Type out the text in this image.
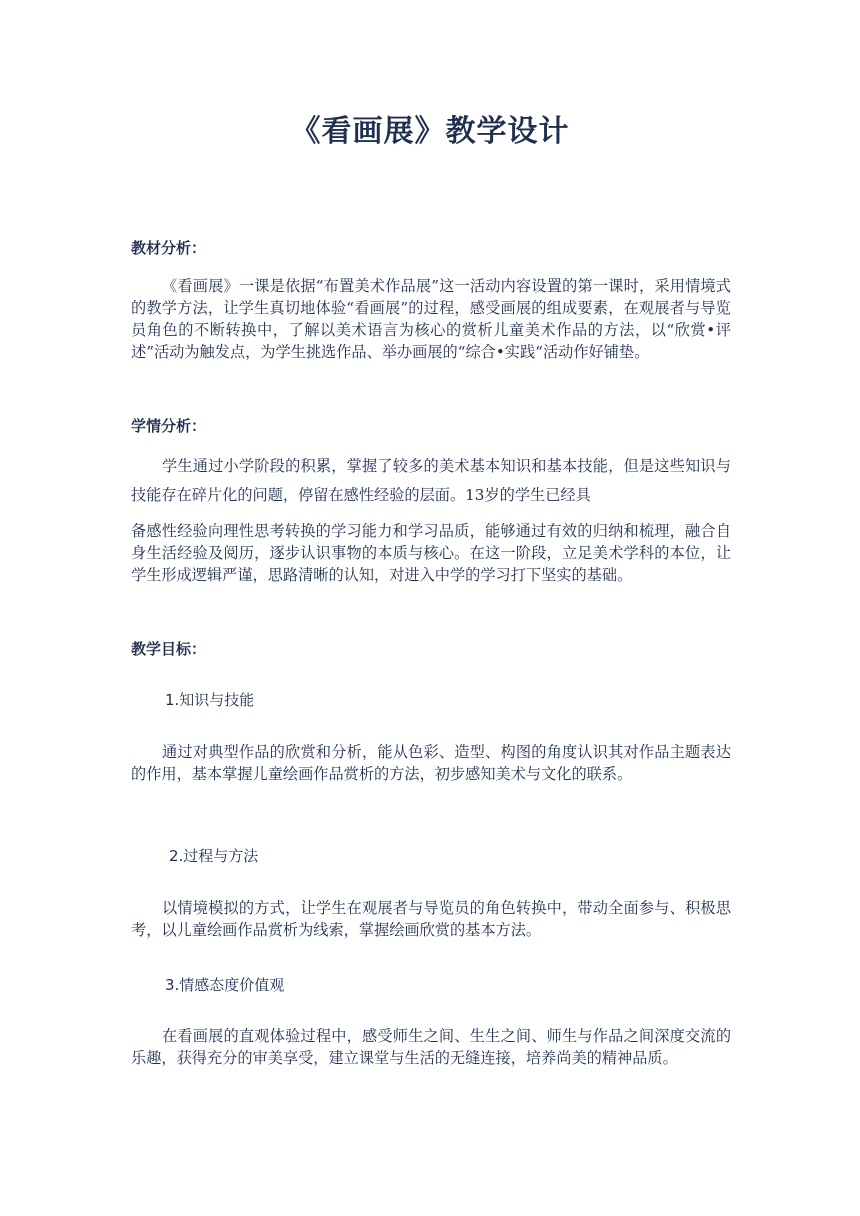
《看画展》教学设计

教材分析：

《看画展》一课是依据“布置美术作品展”这一活动内容设置的第一课时，采用情境式的教学方法，让学生真切地体验“看画展”的过程，感受画展的组成要素，在观展者与导览员角色的不断转换中，了解以美术语言为核心的赏析儿童美术作品的方法，以“欣赏•评述”活动为触发点，为学生挑选作品、举办画展的“综合•实践“活动作好铺垫。

学情分析：

学生通过小学阶段的积累，掌握了较多的美术基本知识和基本技能，但是这些知识与技能存在碎片化的问题，停留在感性经验的层面。13岁的学生已经具

备感性经验向理性思考转换的学习能力和学习品质，能够通过有效的归纳和梳理，融合自身生活经验及阅历，逐步认识事物的本质与核心。在这一阶段，立足美术学科的本位，让学生形成逻辑严谨，思路清晰的认知，对进入中学的学习打下坚实的基础。

教学目标：

1.知识与技能

通过对典型作品的欣赏和分析，能从色彩、造型、构图的角度认识其对作品主题表达的作用，基本掌握儿童绘画作品赏析的方法，初步感知美术与文化的联系。

2.过程与方法

以情境模拟的方式，让学生在观展者与导览员的角色转换中，带动全面参与、积极思考，以儿童绘画作品赏析为线索，掌握绘画欣赏的基本方法。

3.情感态度价值观

在看画展的直观体验过程中，感受师生之间、生生之间、师生与作品之间深度交流的乐趣，获得充分的审美享受，建立课堂与生活的无缝连接，培养尚美的精神品质。
